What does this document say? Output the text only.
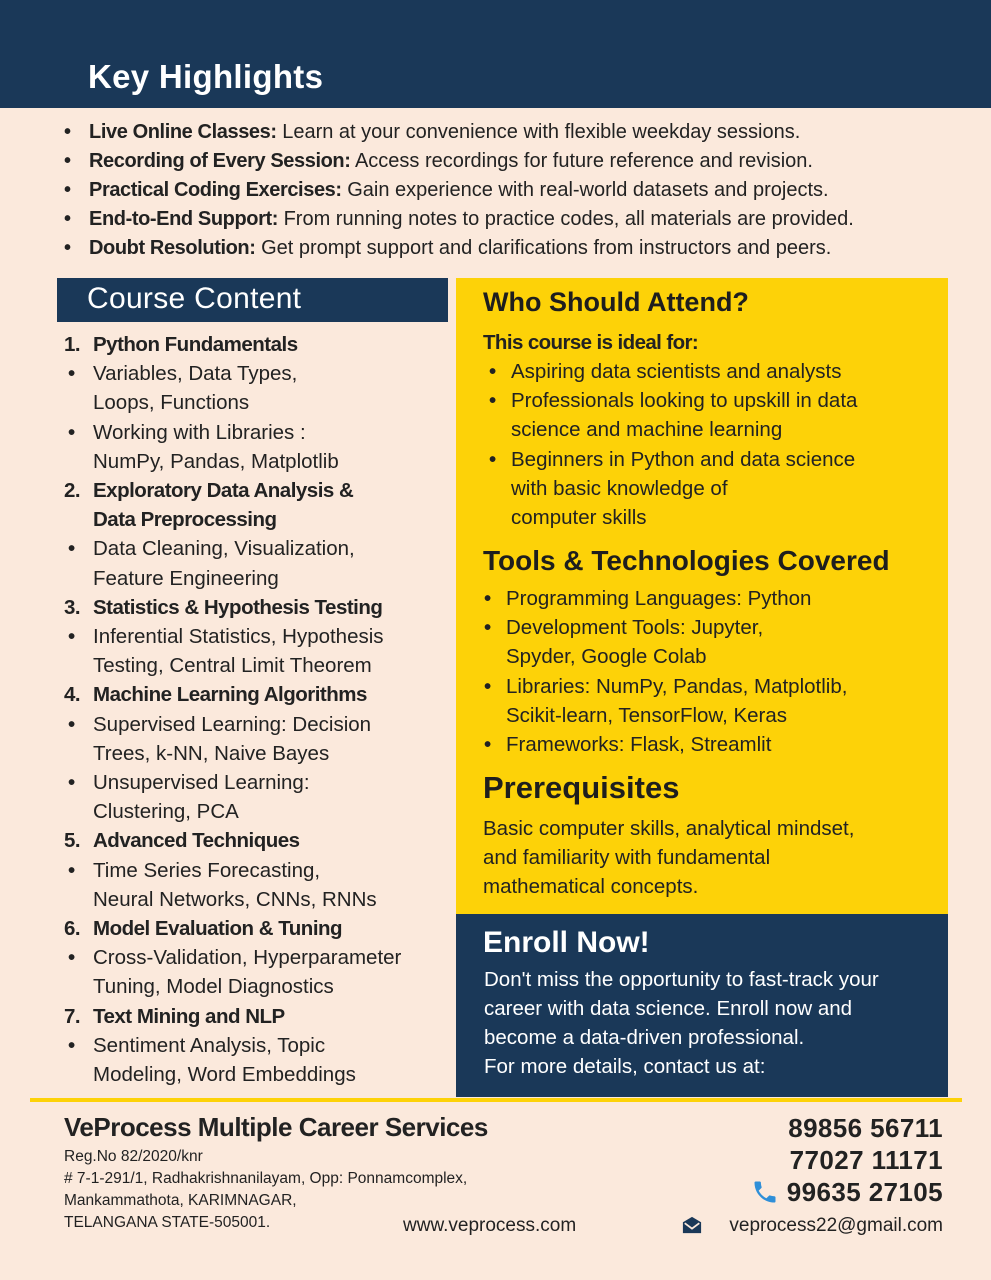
Key Highlights
• Live Online Classes: Learn at your convenience with flexible weekday sessions.
• Recording of Every Session: Access recordings for future reference and revision.
• Practical Coding Exercises: Gain experience with real-world datasets and projects.
• End-to-End Support: From running notes to practice codes, all materials are provided.
• Doubt Resolution: Get prompt support and clarifications from instructors and peers.
Course Content
1. Python Fundamentals
• Variables, Data Types,
Loops, Functions
• Working with Libraries :
NumPy, Pandas, Matplotlib
2. Exploratory Data Analysis &
Data Preprocessing
• Data Cleaning, Visualization,
Feature Engineering
3. Statistics & Hypothesis Testing
• Inferential Statistics, Hypothesis
Testing, Central Limit Theorem
4. Machine Learning Algorithms
• Supervised Learning: Decision
Trees, k-NN, Naive Bayes
• Unsupervised Learning:
Clustering, PCA
5. Advanced Techniques
• Time Series Forecasting,
Neural Networks, CNNs, RNNs
6. Model Evaluation & Tuning
• Cross-Validation, Hyperparameter
Tuning, Model Diagnostics
7. Text Mining and NLP
• Sentiment Analysis, Topic
Modeling, Word Embeddings
Who Should Attend?
This course is ideal for:
• Aspiring data scientists and analysts
• Professionals looking to upskill in data
science and machine learning
• Beginners in Python and data science
with basic knowledge of
computer skills
Tools & Technologies Covered
• Programming Languages: Python
• Development Tools: Jupyter,
Spyder, Google Colab
• Libraries: NumPy, Pandas, Matplotlib,
Scikit-learn, TensorFlow, Keras
• Frameworks: Flask, Streamlit
Prerequisites
Basic computer skills, analytical mindset,
and familiarity with fundamental
mathematical concepts.
Enroll Now!

Don't miss the opportunity to fast-track your
career with data science. Enroll now and
become a data-driven professional.
For more details, contact us at:

VeProcess Multiple Career Services
Reg.No 82/2020/knr
# 7-1-291/1, Radhakrishnanilayam, Opp: Ponnamcomplex,
Mankammathota, KARIMNAGAR,
TELANGANA STATE-505001.	www.veprocess.com
89856 56711
77027 11171
99635 27105
veprocess22@gmail.com
